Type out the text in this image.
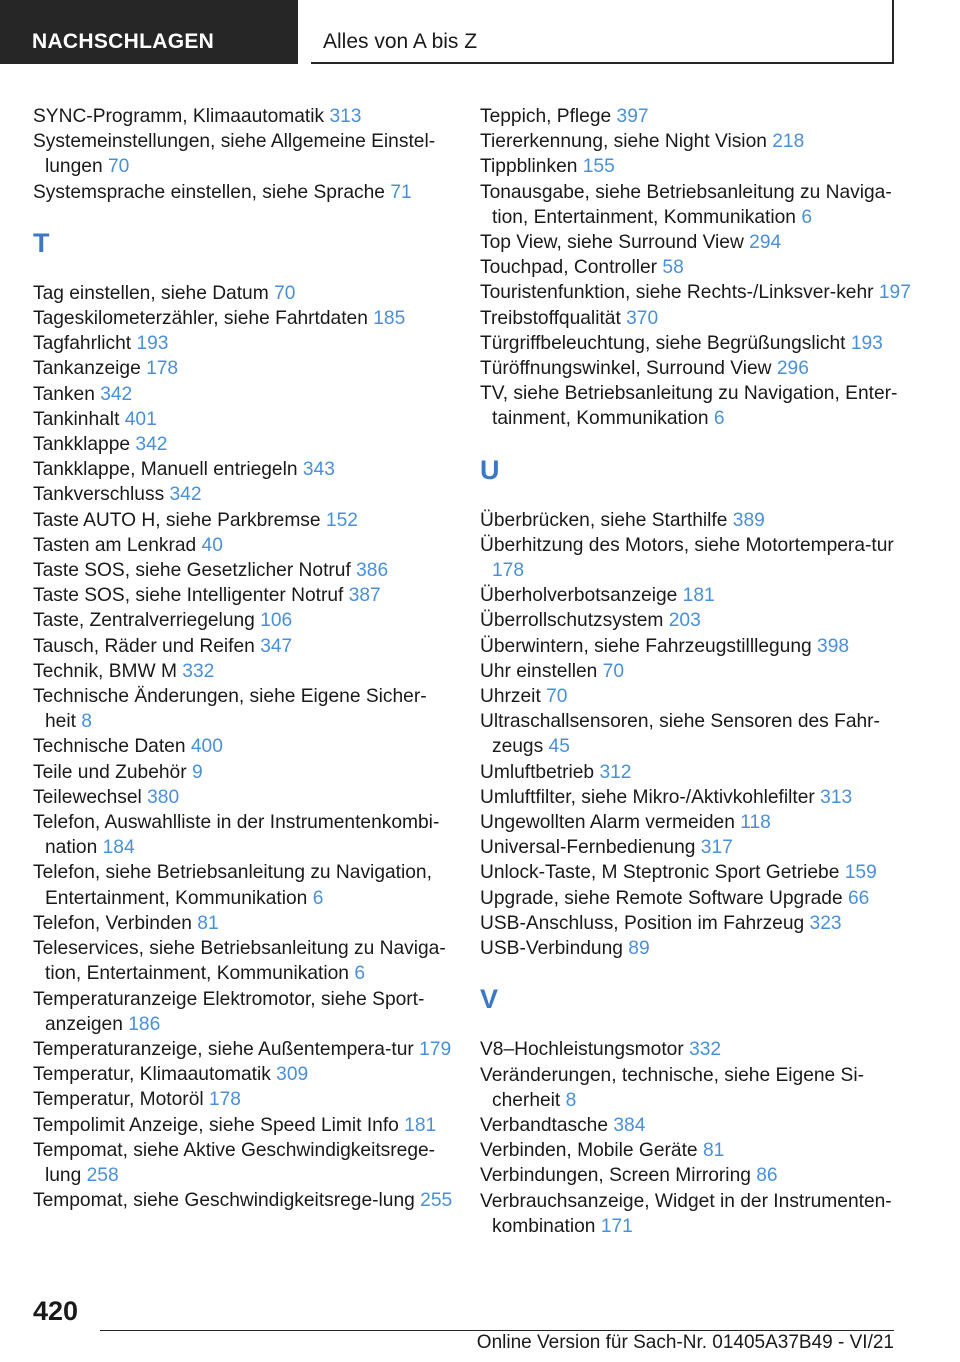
NACHSCHLAGEN	Alles von A bis Z
SYNC-Programm, Klimaautomatik 313
Systemeinstellungen, siehe Allgemeine Einstel-lungen 70
Systemsprache einstellen, siehe Sprache 71
T
Tag einstellen, siehe Datum 70
Tageskilometerzähler, siehe Fahrtdaten 185
Tagfahrlicht 193
Tankanzeige 178
Tanken 342
Tankinhalt 401
Tankklappe 342
Tankklappe, Manuell entriegeln 343
Tankverschluss 342
Taste AUTO H, siehe Parkbremse 152
Tasten am Lenkrad 40
Taste SOS, siehe Gesetzlicher Notruf 386
Taste SOS, siehe Intelligenter Notruf 387
Taste, Zentralverriegelung 106
Tausch, Räder und Reifen 347
Technik, BMW M 332
Technische Änderungen, siehe Eigene Sicher-heit 8
Technische Daten 400
Teile und Zubehör 9
Teilewechsel 380
Telefon, Auswahlliste in der Instrumentenkombi-nation 184
Telefon, siehe Betriebsanleitung zu Navigation, Entertainment, Kommunikation 6
Telefon, Verbinden 81
Teleservices, siehe Betriebsanleitung zu Naviga-tion, Entertainment, Kommunikation 6
Temperaturanzeige Elektromotor, siehe Sport-anzeigen 186
Temperaturanzeige, siehe Außentempera-tur 179
Temperatur, Klimaautomatik 309
Temperatur, Motoröl 178
Tempolimit Anzeige, siehe Speed Limit Info 181
Tempomat, siehe Aktive Geschwindigkeitsrege-lung 258
Tempomat, siehe Geschwindigkeitsrege-lung 255
Teppich, Pflege 397
Tiererkennung, siehe Night Vision 218
Tippblinken 155
Tonausgabe, siehe Betriebsanleitung zu Naviga-tion, Entertainment, Kommunikation 6
Top View, siehe Surround View 294
Touchpad, Controller 58
Touristenfunktion, siehe Rechts-/Linksver-kehr 197
Treibstoffqualität 370
Türgriffbeleuchtung, siehe Begrüßungslicht 193
Türöffnungswinkel, Surround View 296
TV, siehe Betriebsanleitung zu Navigation, Enter-tainment, Kommunikation 6
U
Überbrücken, siehe Starthilfe 389
Überhitzung des Motors, siehe Motortempera-tur 178
Überholverbotsanzeige 181
Überrollschutzsystem 203
Überwintern, siehe Fahrzeugstilllegung 398
Uhr einstellen 70
Uhrzeit 70
Ultraschallsensoren, siehe Sensoren des Fahr-zeugs 45
Umluftbetrieb 312
Umluftfilter, siehe Mikro-/Aktivkohlefilter 313
Ungewollten Alarm vermeiden 118
Universal-Fernbedienung 317
Unlock-Taste, M Steptronic Sport Getriebe 159
Upgrade, siehe Remote Software Upgrade 66
USB-Anschluss, Position im Fahrzeug 323
USB-Verbindung 89
V
V8–Hochleistungsmotor 332
Veränderungen, technische, siehe Eigene Si-cherheit 8
Verbandtasche 384
Verbinden, Mobile Geräte 81
Verbindungen, Screen Mirroring 86
Verbrauchsanzeige, Widget in der Instrumenten-kombination 171
420
Online Version für Sach-Nr. 01405A37B49 - VI/21
